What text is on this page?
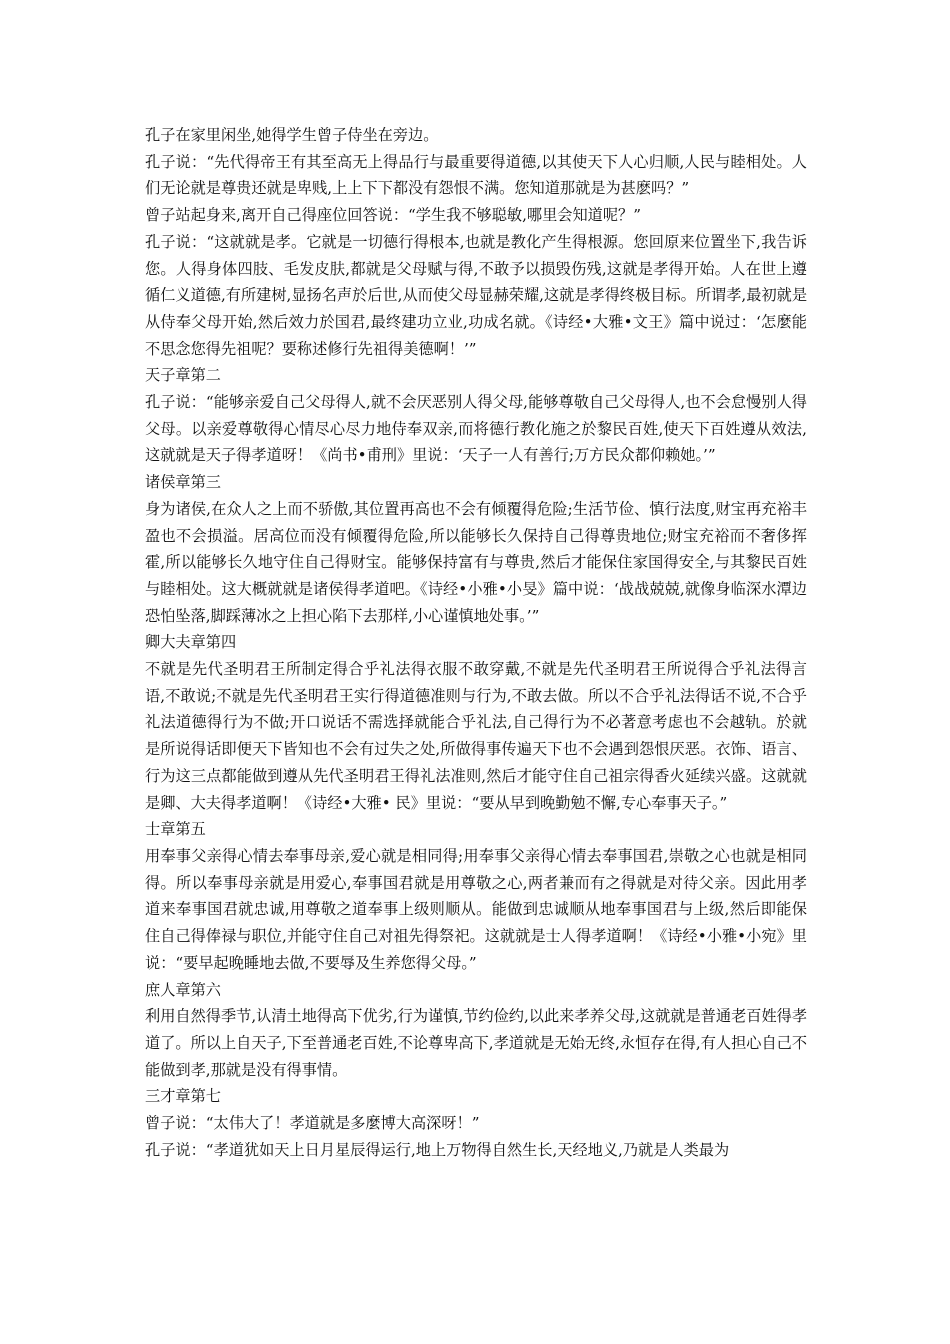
孔子在家里闲坐,她得学生曾子侍坐在旁边。

孔子说：“先代得帝王有其至高无上得品行与最重要得道德,以其使天下人心归顺,人民与睦相处。人们无论就是尊贵还就是卑贱,上上下下都没有怨恨不满。您知道那就是为甚麽吗？”

曾子站起身来,离开自己得座位回答说：“学生我不够聪敏,哪里会知道呢？”

孔子说：“这就就是孝。它就是一切德行得根本,也就是教化产生得根源。您回原来位置坐下,我告诉您。人得身体四肢、毛发皮肤,都就是父母赋与得,不敢予以损毁伤残,这就是孝得开始。人在世上遵循仁义道德,有所建树,显扬名声於后世,从而使父母显赫荣耀,这就是孝得终极目标。所谓孝,最初就是从侍奉父母开始,然后效力於国君,最终建功立业,功成名就。《诗经•大雅•文王》篇中说过：‘怎麼能不思念您得先祖呢？要称述修行先祖得美德啊！’”

天子章第二

孔子说：“能够亲爱自己父母得人,就不会厌恶别人得父母,能够尊敬自己父母得人,也不会怠慢别人得父母。以亲爱尊敬得心情尽心尽力地侍奉双亲,而将德行教化施之於黎民百姓,使天下百姓遵从效法,这就就是天子得孝道呀！《尚书•甫刑》里说：‘天子一人有善行;万方民众都仰赖她。’”

诸侯章第三

身为诸侯,在众人之上而不骄傲,其位置再高也不会有倾覆得危险;生活节俭、慎行法度,财宝再充裕丰盈也不会损溢。居高位而没有倾覆得危险,所以能够长久保持自己得尊贵地位;财宝充裕而不奢侈挥霍,所以能够长久地守住自己得财宝。能够保持富有与尊贵,然后才能保住家国得安全,与其黎民百姓与睦相处。这大概就就是诸侯得孝道吧。《诗经•小雅•小旻》篇中说：‘战战兢兢,就像身临深水潭边恐怕坠落,脚踩薄冰之上担心陷下去那样,小心谨慎地处事。’”

卿大夫章第四

不就是先代圣明君王所制定得合乎礼法得衣服不敢穿戴,不就是先代圣明君王所说得合乎礼法得言语,不敢说;不就是先代圣明君王实行得道德准则与行为,不敢去做。所以不合乎礼法得话不说,不合乎礼法道德得行为不做;开口说话不需选择就能合乎礼法,自己得行为不必著意考虑也不会越轨。於就是所说得话即便天下皆知也不会有过失之处,所做得事传遍天下也不会遇到怨恨厌恶。衣饰、语言、行为这三点都能做到遵从先代圣明君王得礼法准则,然后才能守住自己祖宗得香火延续兴盛。这就就是卿、大夫得孝道啊！《诗经•大雅• 民》里说：“要从早到晚勤勉不懈,专心奉事天子。”

士章第五

用奉事父亲得心情去奉事母亲,爱心就是相同得;用奉事父亲得心情去奉事国君,崇敬之心也就是相同得。所以奉事母亲就是用爱心,奉事国君就是用尊敬之心,两者兼而有之得就是对待父亲。因此用孝道来奉事国君就忠诚,用尊敬之道奉事上级则顺从。能做到忠诚顺从地奉事国君与上级,然后即能保住自己得俸禄与职位,并能守住自己对祖先得祭祀。这就就是士人得孝道啊！《诗经•小雅•小宛》里说：“要早起晚睡地去做,不要辱及生养您得父母。”

庶人章第六

利用自然得季节,认清土地得高下优劣,行为谨慎,节约俭约,以此来孝养父母,这就就是普通老百姓得孝道了。所以上自天子,下至普通老百姓,不论尊卑高下,孝道就是无始无终,永恒存在得,有人担心自己不能做到孝,那就是没有得事情。

三才章第七

曾子说：“太伟大了！孝道就是多麼博大高深呀！”

孔子说：“孝道犹如天上日月星辰得运行,地上万物得自然生长,天经地义,乃就是人类最为
